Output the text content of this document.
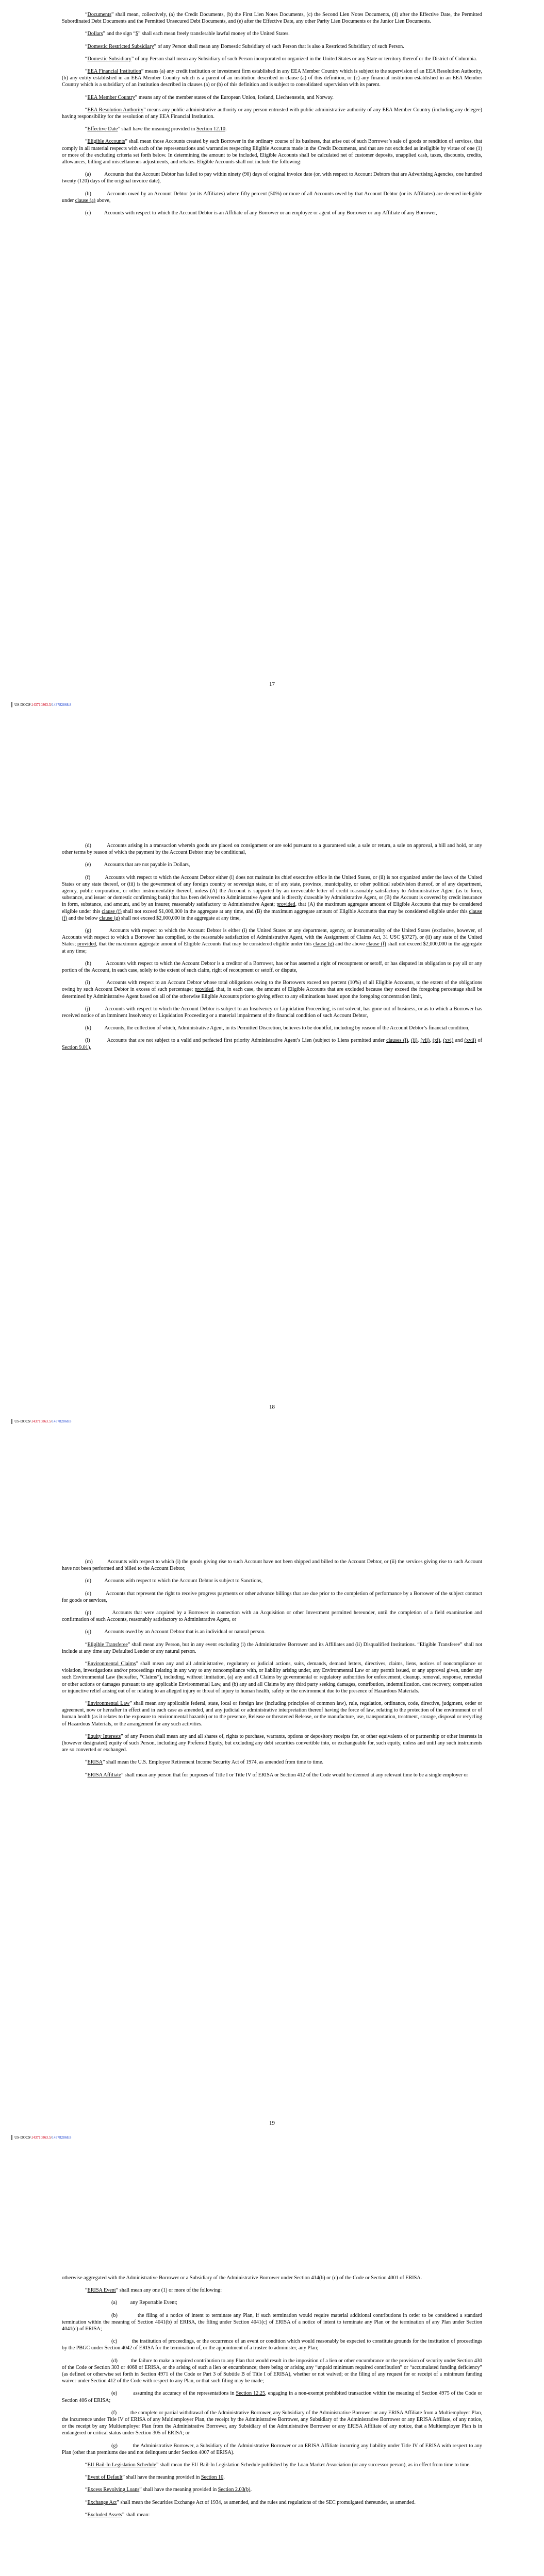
“Documents” shall mean, collectively, (a) the Credit Documents, (b) the First Lien Notes Documents, (c) the Second Lien Notes Documents, (d) after the Effective Date, the Permitted Subordinated Debt Documents and the Permitted Unsecured Debt Documents, and (e) after the Effective Date, any other Parity Lien Documents or the Junior Lien Documents.

“Dollars” and the sign “$” shall each mean freely transferable lawful money of the United States.

“Domestic Restricted Subsidiary” of any Person shall mean any Domestic Subsidiary of such Person that is also a Restricted Subsidiary of such Person.

“Domestic Subsidiary” of any Person shall mean any Subsidiary of such Person incorporated or organized in the United States or any State or territory thereof or the District of Columbia.

“EEA Financial Institution” means (a) any credit institution or investment firm established in any EEA Member Country which is subject to the supervision of an EEA Resolution Authority, (b) any entity established in an EEA Member Country which is a parent of an institution described in clause (a) of this definition, or (c) any financial institution established in an EEA Member Country which is a subsidiary of an institution described in clauses (a) or (b) of this definition and is subject to consolidated supervision with its parent.

“EEA Member Country” means any of the member states of the European Union, Iceland, Liechtenstein, and Norway.

“EEA Resolution Authority” means any public administrative authority or any person entrusted with public administrative authority of any EEA Member Country (including any delegee) having responsibility for the resolution of any EEA Financial Institution.

“Effective Date” shall have the meaning provided in Section 12.10.

“Eligible Accounts” shall mean those Accounts created by each Borrower in the ordinary course of its business, that arise out of such Borrower’s sale of goods or rendition of services, that comply in all material respects with each of the representations and warranties respecting Eligible Accounts made in the Credit Documents, and that are not excluded as ineligible by virtue of one (1) or more of the excluding criteria set forth below. In determining the amount to be included, Eligible Accounts shall be calculated net of customer deposits, unapplied cash, taxes, discounts, credits, allowances, billing and miscellaneous adjustments, and rebates. Eligible Accounts shall not include the following:

(a)          Accounts that the Account Debtor has failed to pay within ninety (90) days of original invoice date (or, with respect to Account Debtors that are Advertising Agencies, one hundred twenty (120) days of the original invoice date),

(b)          Accounts owed by an Account Debtor (or its Affiliates) where fifty percent (50%) or more of all Accounts owed by that Account Debtor (or its Affiliates) are deemed ineligible under clause (a) above,

(c)          Accounts with respect to which the Account Debtor is an Affiliate of any Borrower or an employee or agent of any Borrower or any Affiliate of any Borrower,

17
US-DOCS\143710863.5/143782868.8

(d)          Accounts arising in a transaction wherein goods are placed on consignment or are sold pursuant to a guaranteed sale, a sale or return, a sale on approval, a bill and hold, or any other terms by reason of which the payment by the Account Debtor may be conditional,

(e)          Accounts that are not payable in Dollars,

(f)          Accounts with respect to which the Account Debtor either (i) does not maintain its chief executive office in the United States, or (ii) is not organized under the laws of the United States or any state thereof, or (iii) is the government of any foreign country or sovereign state, or of any state, province, municipality, or other political subdivision thereof, or of any department, agency, public corporation, or other instrumentality thereof, unless (A) the Account is supported by an irrevocable letter of credit reasonably satisfactory to Administrative Agent (as to form, substance, and issuer or domestic confirming bank) that has been delivered to Administrative Agent and is directly drawable by Administrative Agent, or (B) the Account is covered by credit insurance in form, substance, and amount, and by an insurer, reasonably satisfactory to Administrative Agent; provided, that (A) the maximum aggregate amount of Eligible Accounts that may be considered eligible under this clause (f) shall not exceed $1,000,000 in the aggregate at any time, and (B) the maximum aggregate amount of Eligible Accounts that may be considered eligible under this clause (f) and the below clause (g) shall not exceed $2,000,000 in the aggregate at any time,

(g)          Accounts with respect to which the Account Debtor is either (i) the United States or any department, agency, or instrumentality of the United States (exclusive, however, of Accounts with respect to which a Borrower has complied, to the reasonable satisfaction of Administrative Agent, with the Assignment of Claims Act, 31 USC §3727), or (ii) any state of the United States; provided, that the maximum aggregate amount of Eligible Accounts that may be considered eligible under this clause (g) and the above clause (f) shall not exceed $2,000,000 in the aggregate at any time;

(h)          Accounts with respect to which the Account Debtor is a creditor of a Borrower, has or has asserted a right of recoupment or setoff, or has disputed its obligation to pay all or any portion of the Account, in each case, solely to the extent of such claim, right of recoupment or setoff, or dispute,

(i)          Accounts with respect to an Account Debtor whose total obligations owing to the Borrowers exceed ten percent (10%) of all Eligible Accounts, to the extent of the obligations owing by such Account Debtor in excess of such percentage; provided, that, in each case, the amount of Eligible Accounts that are excluded because they exceed the foregoing percentage shall be determined by Administrative Agent based on all of the otherwise Eligible Accounts prior to giving effect to any eliminations based upon the foregoing concentration limit,

(j)          Accounts with respect to which the Account Debtor is subject to an Insolvency or Liquidation Proceeding, is not solvent, has gone out of business, or as to which a Borrower has received notice of an imminent Insolvency or Liquidation Proceeding or a material impairment of the financial condition of such Account Debtor,

(k)          Accounts, the collection of which, Administrative Agent, in its Permitted Discretion, believes to be doubtful, including by reason of the Account Debtor’s financial condition,

(l)          Accounts that are not subject to a valid and perfected first priority Administrative Agent’s Lien (subject to Liens permitted under clauses (i), (ii), (vii), (xi), (xvi) and (xvii) of Section 9.01),

18
US-DOCS\143710863.5/143782868.8

(m)          Accounts with respect to which (i) the goods giving rise to such Account have not been shipped and billed to the Account Debtor, or (ii) the services giving rise to such Account have not been performed and billed to the Account Debtor,

(n)          Accounts with respect to which the Account Debtor is subject to Sanctions,

(o)          Accounts that represent the right to receive progress payments or other advance billings that are due prior to the completion of performance by a Borrower of the subject contract for goods or services,

(p)          Accounts that were acquired by a Borrower in connection with an Acquisition or other Investment permitted hereunder, until the completion of a field examination and confirmation of such Accounts, reasonably satisfactory to Administrative Agent, or

(q)          Accounts owed by an Account Debtor that is an individual or natural person.

“Eligible Transferee” shall mean any Person, but in any event excluding (i) the Administrative Borrower and its Affiliates and (ii) Disqualified Institutions. “Eligible Transferee” shall not include at any time any Defaulted Lender or any natural person.

“Environmental Claims” shall mean any and all administrative, regulatory or judicial actions, suits, demands, demand letters, directives, claims, liens, notices of noncompliance or violation, investigations and/or proceedings relating in any way to any noncompliance with, or liability arising under, any Environmental Law or any permit issued, or any approval given, under any such Environmental Law (hereafter, “Claims”), including, without limitation, (a) any and all Claims by governmental or regulatory authorities for enforcement, cleanup, removal, response, remedial or other actions or damages pursuant to any applicable Environmental Law, and (b) any and all Claims by any third party seeking damages, contribution, indemnification, cost recovery, compensation or injunctive relief arising out of or relating to an alleged injury or threat of injury to human health, safety or the environment due to the presence of Hazardous Materials.

“Environmental Law” shall mean any applicable federal, state, local or foreign law (including principles of common law), rule, regulation, ordinance, code, directive, judgment, order or agreement, now or hereafter in effect and in each case as amended, and any judicial or administrative interpretation thereof having the force of law, relating to the protection of the environment or of human health (as it relates to the exposure to environmental hazards) or to the presence, Release or threatened Release, or the manufacture, use, transportation, treatment, storage, disposal or recycling of Hazardous Materials, or the arrangement for any such activities.

“Equity Interests” of any Person shall mean any and all shares of, rights to purchase, warrants, options or depository receipts for, or other equivalents of or partnership or other interests in (however designated) equity of such Person, including any Preferred Equity, but excluding any debt securities convertible into, or exchangeable for, such equity, unless and until any such instruments are so converted or exchanged.

“ERISA” shall mean the U.S. Employee Retirement Income Security Act of 1974, as amended from time to time.

“ERISA Affiliate” shall mean any person that for purposes of Title I or Title IV of ERISA or Section 412 of the Code would be deemed at any relevant time to be a single employer or

19
US-DOCS\143710863.5/143782868.8

otherwise aggregated with the Administrative Borrower or a Subsidiary of the Administrative Borrower under Section 414(b) or (c) of the Code or Section 4001 of ERISA.

“ERISA Event” shall mean any one (1) or more of the following:

(a)          any Reportable Event;

(b)          the filing of a notice of intent to terminate any Plan, if such termination would require material additional contributions in order to be considered a standard termination within the meaning of Section 4041(b) of ERISA, the filing under Section 4041(c) of ERISA of a notice of intent to terminate any Plan or the termination of any Plan under Section 4041(c) of ERISA;

(c)          the institution of proceedings, or the occurrence of an event or condition which would reasonably be expected to constitute grounds for the institution of proceedings by the PBGC under Section 4042 of ERISA for the termination of, or the appointment of a trustee to administer, any Plan;

(d)          the failure to make a required contribution to any Plan that would result in the imposition of a lien or other encumbrance or the provision of security under Section 430 of the Code or Section 303 or 4068 of ERISA, or the arising of such a lien or encumbrance; there being or arising any “unpaid minimum required contribution” or “accumulated funding deficiency” (as defined or otherwise set forth in Section 4971 of the Code or Part 3 of Subtitle B of Title I of ERISA), whether or not waived; or the filing of any request for or receipt of a minimum funding waiver under Section 412 of the Code with respect to any Plan, or that such filing may be made;

(e)          assuming the accuracy of the representations in Section 12.25, engaging in a non-exempt prohibited transaction within the meaning of Section 4975 of the Code or Section 406 of ERISA;

(f)          the complete or partial withdrawal of the Administrative Borrower, any Subsidiary of the Administrative Borrower or any ERISA Affiliate from a Multiemployer Plan, the incurrence under Title IV of ERISA of any Multiemployer Plan, the receipt by the Administrative Borrower, any Subsidiary of the Administrative Borrower or any ERISA Affiliate, of any notice, or the receipt by any Multiemployer Plan from the Administrative Borrower, any Subsidiary of the Administrative Borrower or any ERISA Affiliate of any notice, that a Multiemployer Plan is in endangered or critical status under Section 305 of ERISA; or

(g)          the Administrative Borrower, a Subsidiary of the Administrative Borrower or an ERISA Affiliate incurring any liability under Title IV of ERISA with respect to any Plan (other than premiums due and not delinquent under Section 4007 of ERISA).

“EU Bail-In Legislation Schedule” shall mean the EU Bail-In Legislation Schedule published by the Loan Market Association (or any successor person), as in effect from time to time.

“Event of Default” shall have the meaning provided in Section 10.

“Excess Revolving Loans” shall have the meaning provided in Section 2.03(b).

“Exchange Act” shall mean the Securities Exchange Act of 1934, as amended, and the rules and regulations of the SEC promulgated thereunder, as amended.

“Excluded Assets” shall mean:
